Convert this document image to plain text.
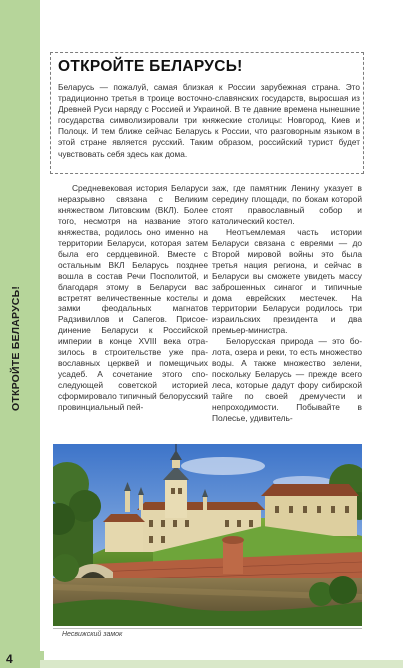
ОТКРОЙТЕ БЕЛАРУСЬ!
4
ОТКРОЙТЕ БЕЛАРУСЬ!

Беларусь — пожалуй, самая близкая к России зарубежная страна. Это традиционно третья в троице восточно-славянских государств, выросшая из Древней Руси наряду с Россией и Украиной. В те давние времена нынешние государства символизировали три княжеские столицы: Новгород, Киев и Полоцк. И тем ближе сейчас Беларусь к России, что разговорным языком в этой стране является русский. Таким образом, российский турист будет чувствовать себя здесь как дома.

Средневековая история Беларуси неразрывно связана с Великим княжеством Литовским (ВКЛ). Более того, несмотря на название этого княжества, родилось оно именно на территории Беларуси, которая затем была его сердцевиной. Вместе с остальным ВКЛ Беларусь позднее вошла в состав Речи Посполитой, и благодаря этому в Беларуси вас встретят величественные костелы и замки феодальных магнатов Радзивиллов и Сапегов. Присоединение Беларуси к Российской империи в конце XVIII века отразилось в строительстве уже православных церквей и помещичьих усадеб. А сочетание этого споследующей советской историей сформировало типичный белорусский провинциальный пей-

заж, где памятник Ленину указует в середину площади, по бокам которой стоят православный собор и католический костел.

Неотъемлемая часть истории Беларуси связана с евреями — до Второй мировой войны это была третья нация региона, и сейчас в Беларуси вы сможете увидеть массу заброшенных синагог и типичные дома еврейских местечек. На территории Беларуси родилось три израильских президента и два премьер-министра.

Белорусская природа — это болота, озера и реки, то есть множество воды. А также множество зелени, поскольку Беларусь — прежде всего леса, которые дадут фору сибирской тайге по своей дремучести и непроходимости. Побывайте в Полесье, удивитель-

Несвижский замок
